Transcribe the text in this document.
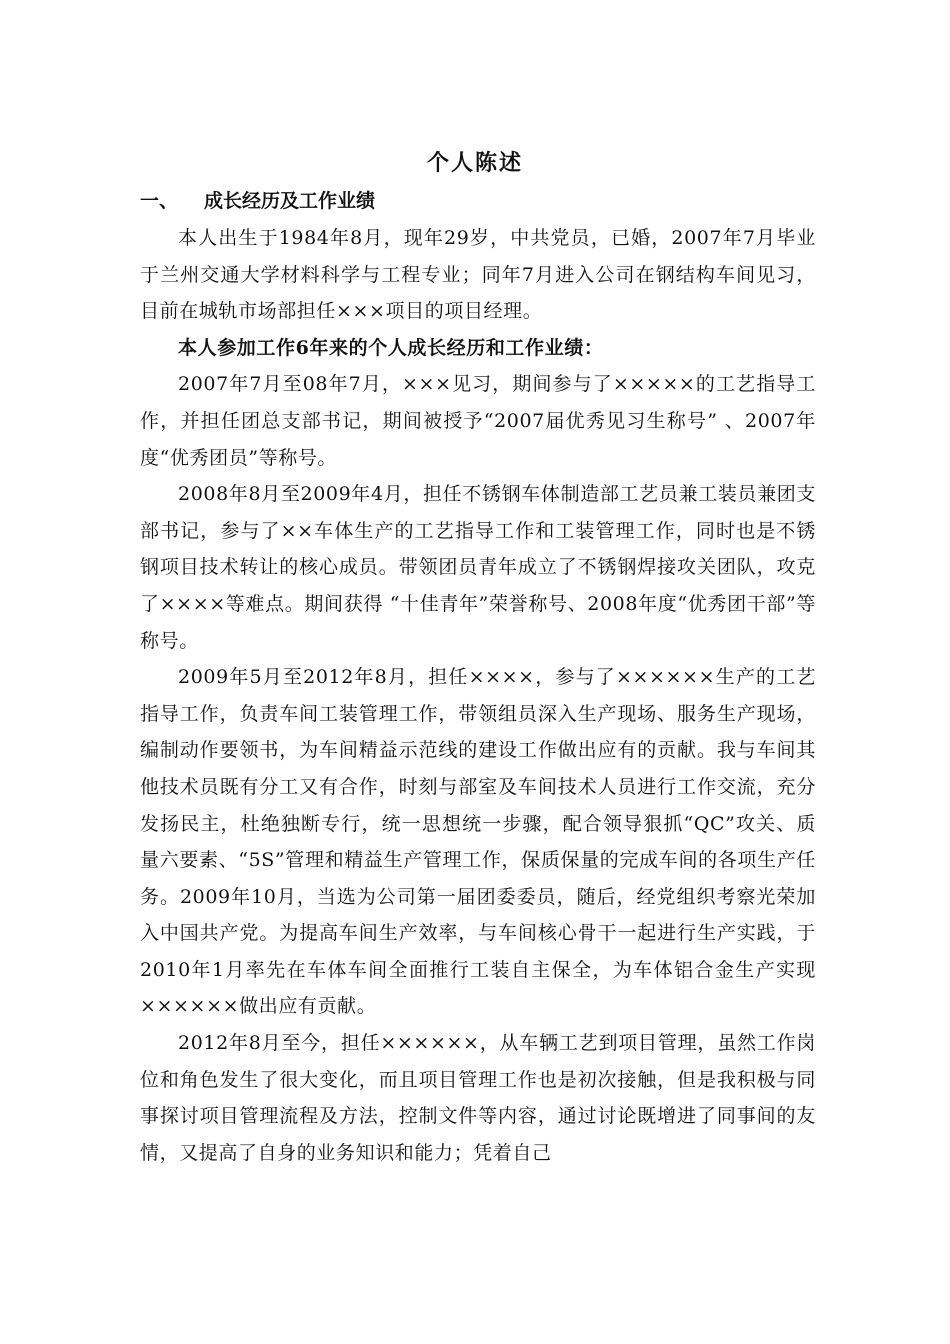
个人陈述
一、 成长经历及工作业绩

本人出生于1984年8月，现年29岁，中共党员，已婚，2007年7月毕业于兰州交通大学材料科学与工程专业；同年7月进入公司在钢结构车间见习，目前在城轨市场部担任×××项目的项目经理。

本人参加工作6年来的个人成长经历和工作业绩：

2007年7月至08年7月，×××见习，期间参与了×××××的工艺指导工作，并担任团总支部书记，期间被授予“2007届优秀见习生称号” 、2007年度“优秀团员”等称号。

2008年8月至2009年4月，担任不锈钢车体制造部工艺员兼工装员兼团支部书记，参与了××车体生产的工艺指导工作和工装管理工作，同时也是不锈钢项目技术转让的核心成员。带领团员青年成立了不锈钢焊接攻关团队，攻克了××××等难点。期间获得 “十佳青年”荣誉称号、2008年度“优秀团干部”等称号。

2009年5月至2012年8月，担任××××，参与了××××××生产的工艺指导工作，负责车间工装管理工作，带领组员深入生产现场、服务生产现场，编制动作要领书，为车间精益示范线的建设工作做出应有的贡献。我与车间其他技术员既有分工又有合作，时刻与部室及车间技术人员进行工作交流，充分发扬民主，杜绝独断专行，统一思想统一步骤，配合领导狠抓“QC”攻关、质量六要素、“5S”管理和精益生产管理工作，保质保量的完成车间的各项生产任务。2009年10月，当选为公司第一届团委委员，随后，经党组织考察光荣加入中国共产党。为提高车间生产效率，与车间核心骨干一起进行生产实践，于2010年1月率先在车体车间全面推行工装自主保全，为车体铝合金生产实现××××××做出应有贡献。

2012年8月至今，担任××××××，从车辆工艺到项目管理，虽然工作岗位和角色发生了很大变化，而且项目管理工作也是初次接触，但是我积极与同事探讨项目管理流程及方法，控制文件等内容，通过讨论既增进了同事间的友情，又提高了自身的业务知识和能力；凭着自己
